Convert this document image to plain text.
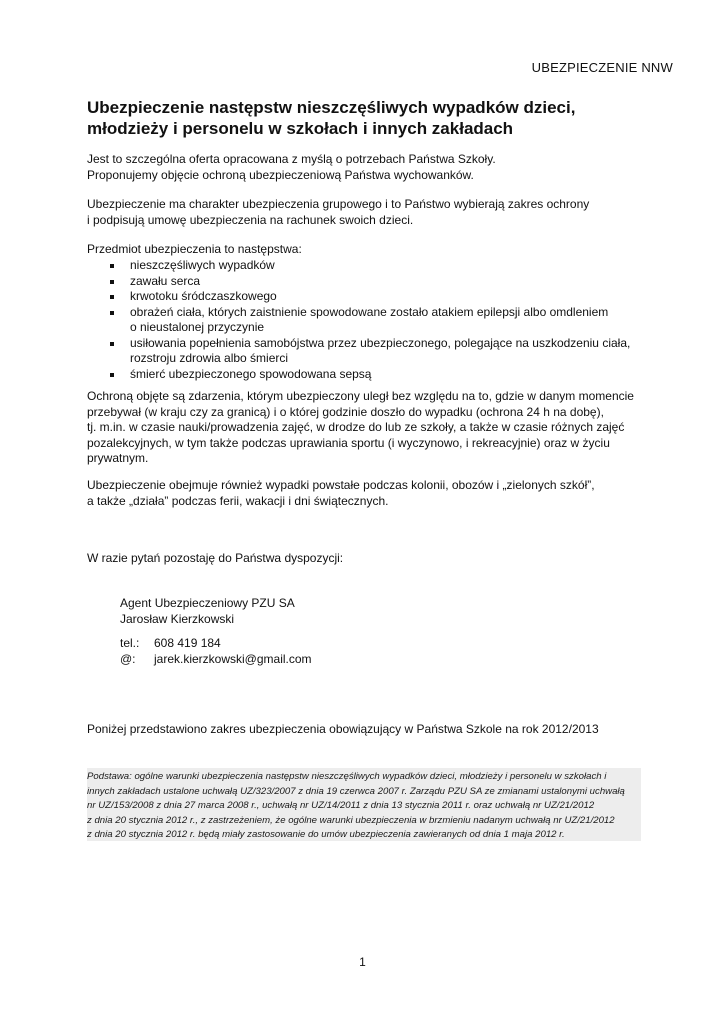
UBEZPIECZENIE NNW
Ubezpieczenie następstw nieszczęśliwych wypadków dzieci, młodzieży i personelu w szkołach i innych zakładach

Jest to szczególna oferta opracowana z myślą o potrzebach Państwa Szkoły.
Proponujemy objęcie ochroną ubezpieczeniową Państwa wychowanków.

Ubezpieczenie ma charakter ubezpieczenia grupowego i to Państwo wybierają zakres ochrony
i podpisują umowę ubezpieczenia na rachunek swoich dzieci.

Przedmiot ubezpieczenia to następstwa:

nieszczęśliwych wypadków
zawału serca
krwotoku śródczaszkowego
obrażeń ciała, których zaistnienie spowodowane zostało atakiem epilepsji albo omdleniem
o nieustalonej przyczynie
usiłowania popełnienia samobójstwa przez ubezpieczonego, polegające na uszkodzeniu ciała,
rozstroju zdrowia albo śmierci
śmierć ubezpieczonego spowodowana sepsą

Ochroną objęte są zdarzenia, którym ubezpieczony uległ bez względu na to, gdzie w danym momencie
przebywał (w kraju czy za granicą) i o której godzinie doszło do wypadku (ochrona 24 h na dobę),
tj. m.in. w czasie nauki/prowadzenia zajęć, w drodze do lub ze szkoły, a także w czasie różnych zajęć
pozalekcyjnych, w tym także podczas uprawiania sportu (i wyczynowo, i rekreacyjnie) oraz w życiu
prywatnym.

Ubezpieczenie obejmuje również wypadki powstałe podczas kolonii, obozów i „zielonych szkół”,
a także „działa” podczas ferii, wakacji i dni świątecznych.

W razie pytań pozostaję do Państwa dyspozycji:

Agent Ubezpieczeniowy PZU SA
Jarosław Kierzkowski
tel.: 608 419 184
@: jarek.kierzkowski@gmail.com

Poniżej przedstawiono zakres ubezpieczenia obowiązujący w Państwa Szkole na rok 2012/2013

Podstawa: ogólne warunki ubezpieczenia następstw nieszczęśliwych wypadków dzieci, młodzieży i personelu w szkołach i
innych zakładach ustalone uchwałą UZ/323/2007 z dnia 19 czerwca 2007 r. Zarządu PZU SA ze zmianami ustalonymi uchwałą
nr UZ/153/2008 z dnia 27 marca 2008 r., uchwałą nr UZ/14/2011 z dnia 13 stycznia 2011 r. oraz uchwałą nr UZ/21/2012
z dnia 20 stycznia 2012 r., z zastrzeżeniem, że ogólne warunki ubezpieczenia w brzmieniu nadanym uchwałą nr UZ/21/2012
z dnia 20 stycznia 2012 r. będą miały zastosowanie do umów ubezpieczenia zawieranych od dnia 1 maja 2012 r.

1
